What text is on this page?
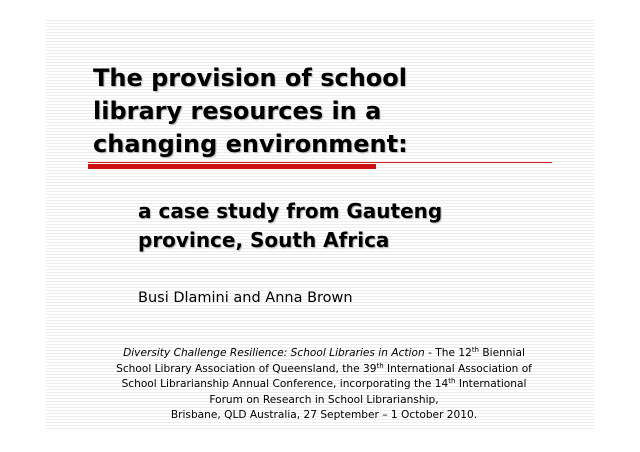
The provision of school
library resources in a
changing environment:
a case study from Gauteng
province, South Africa
Busi Dlamini and Anna Brown
Diversity Challenge Resilience: School Libraries in Action - The 12th Biennial
School Library Association of Queensland, the 39th International Association of
School Librarianship Annual Conference, incorporating the 14th International
Forum on Research in School Librarianship,
Brisbane, QLD Australia, 27 September – 1 October 2010.
